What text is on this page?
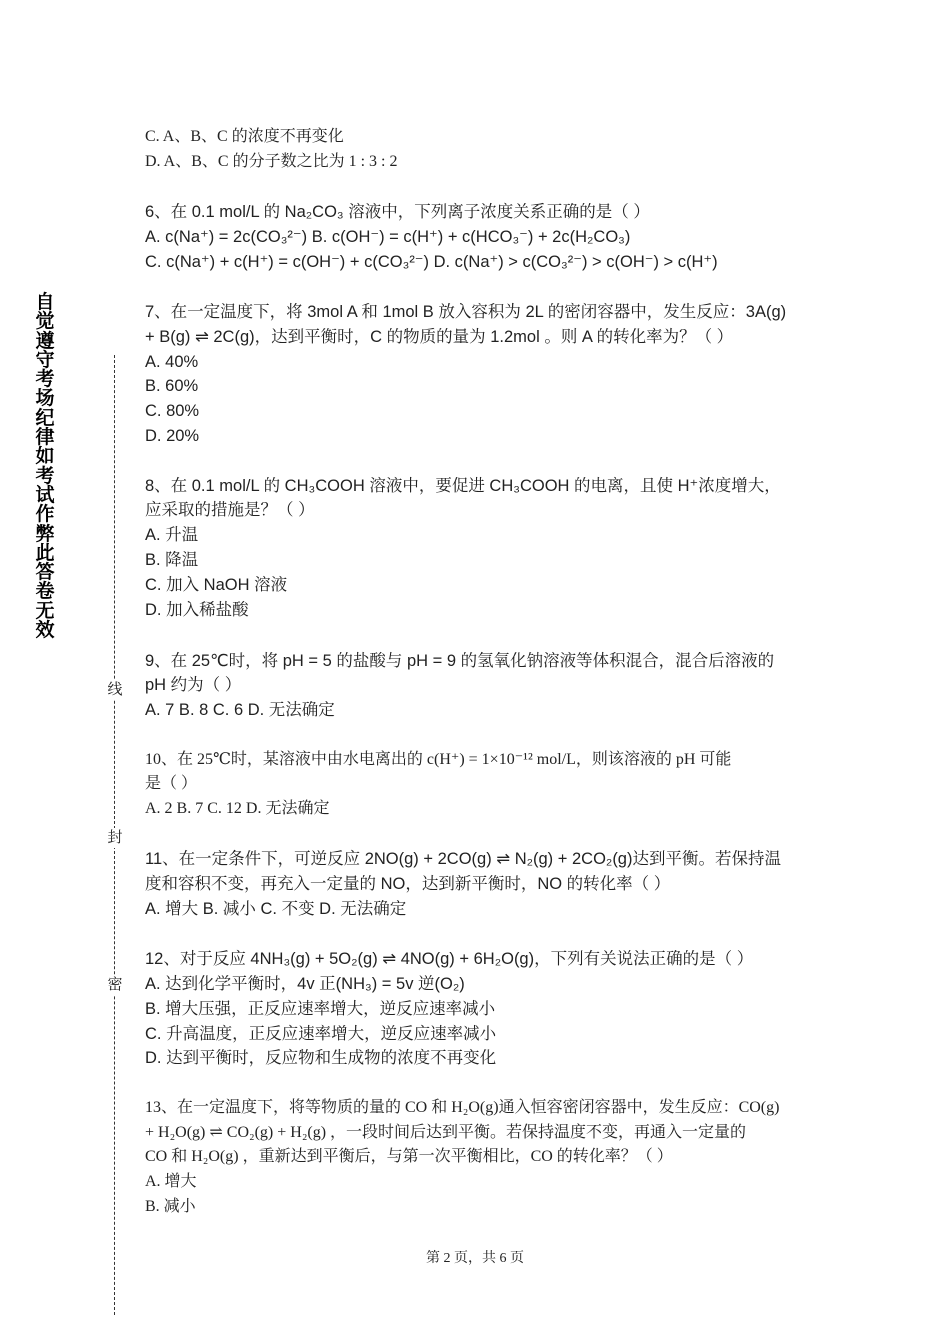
自觉遵守考场纪律如考试作弊此答卷无效
线
封
密
C. A、B、C 的浓度不再变化
D. A、B、C 的分子数之比为 1 : 3 : 2
6、在 0.1 mol/L 的 Na₂CO₃ 溶液中，下列离子浓度关系正确的是（ ）
A. c(Na⁺) = 2c(CO₃²⁻) B. c(OH⁻) = c(H⁺) + c(HCO₃⁻) + 2c(H₂CO₃)
C. c(Na⁺) + c(H⁺) = c(OH⁻) + c(CO₃²⁻) D. c(Na⁺) > c(CO₃²⁻) > c(OH⁻) > c(H⁺)
7、在一定温度下，将 3mol A 和 1mol B 放入容积为 2L 的密闭容器中，发生反应：3A(g)
+ B(g) ⇌ 2C(g)，达到平衡时，C 的物质的量为 1.2mol 。则 A 的转化率为？（ ）
A. 40%
B. 60%
C. 80%
D. 20%
8、在 0.1 mol/L 的 CH₃COOH 溶液中，要促进 CH₃COOH 的电离，且使 H⁺浓度增大，
应采取的措施是？（ ）
A. 升温
B. 降温
C. 加入 NaOH 溶液
D. 加入稀盐酸
9、在 25℃时，将 pH = 5 的盐酸与 pH = 9 的氢氧化钠溶液等体积混合，混合后溶液的
pH 约为（ ）
A. 7 B. 8 C. 6 D. 无法确定
10、在 25℃时，某溶液中由水电离出的 c(H⁺) = 1×10⁻¹² mol/L，则该溶液的 pH 可能
是（ ）
A. 2 B. 7 C. 12 D. 无法确定
11、在一定条件下，可逆反应 2NO(g) + 2CO(g) ⇌ N₂(g) + 2CO₂(g)达到平衡。若保持温
度和容积不变，再充入一定量的 NO，达到新平衡时，NO 的转化率（ ）
A. 增大 B. 减小 C. 不变 D. 无法确定
12、对于反应 4NH₃(g) + 5O₂(g) ⇌ 4NO(g) + 6H₂O(g)，下列有关说法正确的是（ ）
A. 达到化学平衡时，4v 正(NH₃) = 5v 逆(O₂)
B. 增大压强，正反应速率增大，逆反应速率减小
C. 升高温度，正反应速率增大，逆反应速率减小
D. 达到平衡时，反应物和生成物的浓度不再变化
13、在一定温度下，将等物质的量的 CO 和 H₂O(g)通入恒容密闭容器中，发生反应：CO(g)
+ H₂O(g) ⇌ CO₂(g) + H₂(g) ，一段时间后达到平衡。若保持温度不变，再通入一定量的
CO 和 H₂O(g) ，重新达到平衡后，与第一次平衡相比，CO 的转化率？（ ）
A. 增大
B. 减小
第 2 页，共 6 页
